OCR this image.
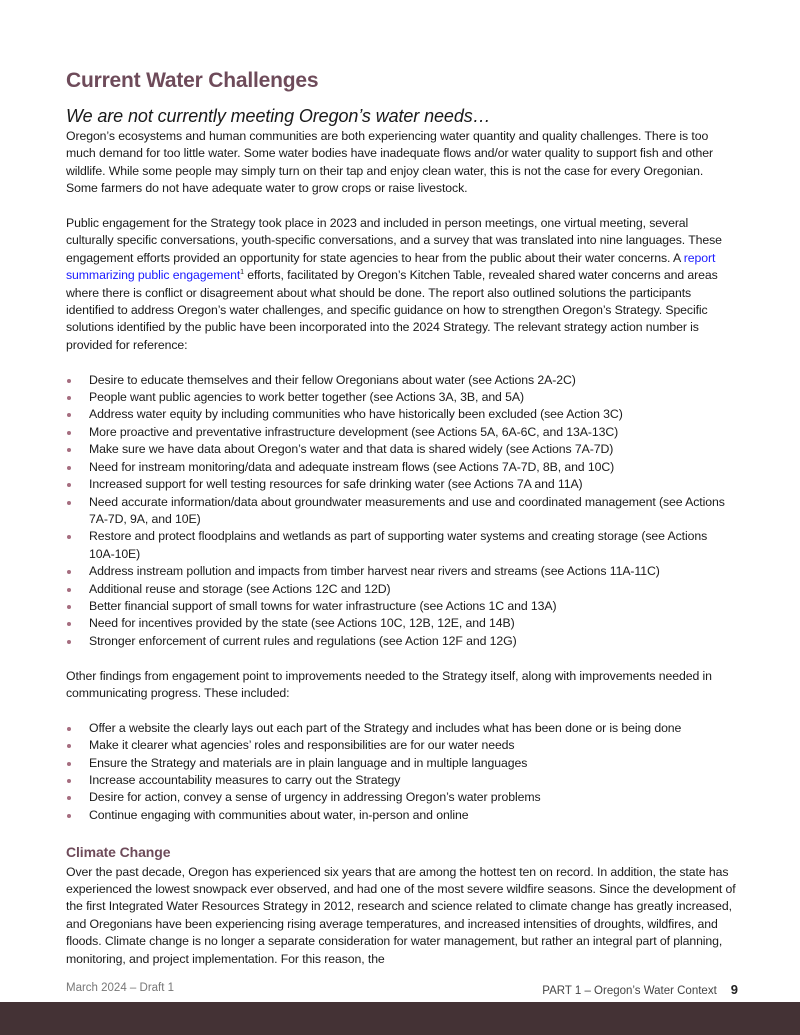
Current Water Challenges
We are not currently meeting Oregon’s water needs…

Oregon’s ecosystems and human communities are both experiencing water quantity and quality challenges. There is too much demand for too little water. Some water bodies have inadequate flows and/or water quality to support fish and other wildlife. While some people may simply turn on their tap and enjoy clean water, this is not the case for every Oregonian. Some farmers do not have adequate water to grow crops or raise livestock.

Public engagement for the Strategy took place in 2023 and included in person meetings, one virtual meeting, several culturally specific conversations, youth-specific conversations, and a survey that was translated into nine languages. These engagement efforts provided an opportunity for state agencies to hear from the public about their water concerns. A report summarizing public engagement$^1$ efforts, facilitated by Oregon’s Kitchen Table, revealed shared water concerns and areas where there is conflict or disagreement about what should be done. The report also outlined solutions the participants identified to address Oregon’s water challenges, and specific guidance on how to strengthen Oregon’s Strategy. Specific solutions identified by the public have been incorporated into the 2024 Strategy. The relevant strategy action number is provided for reference:

Desire to educate themselves and their fellow Oregonians about water (see Actions 2A-2C)
People want public agencies to work better together (see Actions 3A, 3B, and 5A)
Address water equity by including communities who have historically been excluded (see Action 3C)
More proactive and preventative infrastructure development (see Actions 5A, 6A-6C, and 13A-13C)
Make sure we have data about Oregon’s water and that data is shared widely (see Actions 7A-7D)
Need for instream monitoring/data and adequate instream flows (see Actions 7A-7D, 8B, and 10C)
Increased support for well testing resources for safe drinking water (see Actions 7A and 11A)
Need accurate information/data about groundwater measurements and use and coordinated management (see Actions 7A-7D, 9A, and 10E)
Restore and protect floodplains and wetlands as part of supporting water systems and creating storage (see Actions 10A-10E)
Address instream pollution and impacts from timber harvest near rivers and streams (see Actions 11A-11C)
Additional reuse and storage (see Actions 12C and 12D)
Better financial support of small towns for water infrastructure (see Actions 1C and 13A)
Need for incentives provided by the state (see Actions 10C, 12B, 12E, and 14B)
Stronger enforcement of current rules and regulations (see Action 12F and 12G)

Other findings from engagement point to improvements needed to the Strategy itself, along with improvements needed in communicating progress. These included:

Offer a website the clearly lays out each part of the Strategy and includes what has been done or is being done
Make it clearer what agencies’ roles and responsibilities are for our water needs
Ensure the Strategy and materials are in plain language and in multiple languages
Increase accountability measures to carry out the Strategy
Desire for action, convey a sense of urgency in addressing Oregon’s water problems
Continue engaging with communities about water, in-person and online
Climate Change

Over the past decade, Oregon has experienced six years that are among the hottest ten on record. In addition, the state has experienced the lowest snowpack ever observed, and had one of the most severe wildfire seasons. Since the development of the first Integrated Water Resources Strategy in 2012, research and science related to climate change has greatly increased, and Oregonians have been experiencing rising average temperatures, and increased intensities of droughts, wildfires, and floods. Climate change is no longer a separate consideration for water management, but rather an integral part of planning, monitoring, and project implementation. For this reason, the

March 2024 – Draft 1	PART 1 – Oregon’s Water Context 9
